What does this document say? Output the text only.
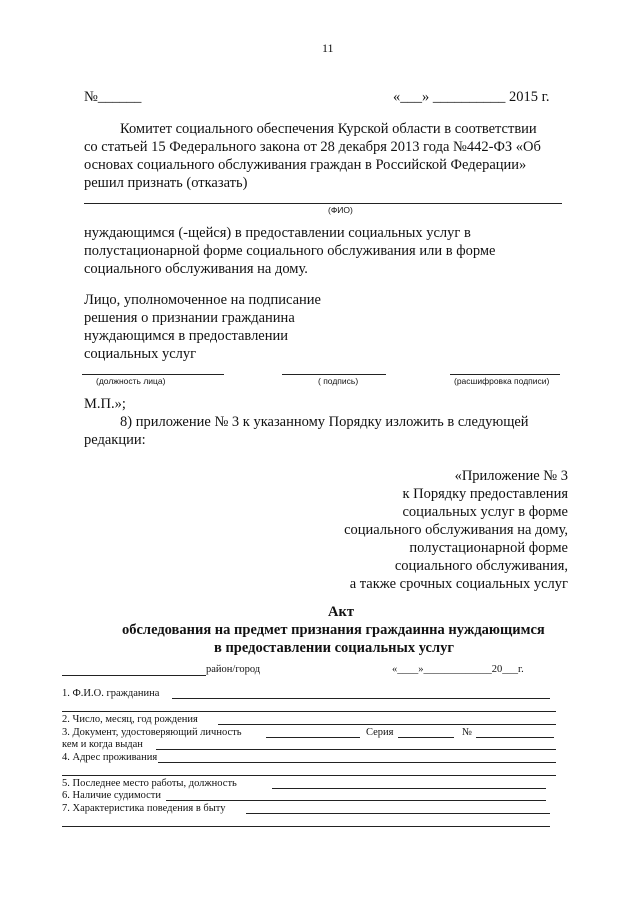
11
№______	«___» __________ 2015 г.
Комитет социального обеспечения Курской области в соответствии
со статьей 15 Федерального закона от 28 декабря 2013 года №442-ФЗ «Об
основах социального обслуживания граждан в Российской Федерации»
решил признать (отказать)
(ФИО)
нуждающимся (-щейся) в предоставлении социальных услуг в
полустационарной форме социального обслуживания или в форме
социального обслуживания на дому.
Лицо, уполномоченное на подписание
решения о признании гражданина
нуждающимся в предоставлении
социальных услуг
(должность лица)	( подпись)	(расшифровка подписи)
М.П.»;
8) приложение № 3 к указанному Порядку изложить в следующей
редакции:
«Приложение № 3
к Порядку предоставления
социальных услуг в форме
социального обслуживания на дому,
полустационарной форме
социального обслуживания,
а также срочных социальных услуг
Акт
обследования на предмет признания граждаинна нуждающимся
в предоставлении социальных услуг
район/город	«____»_____________20___г.
1. Ф.И.О. гражданина
2. Число, месяц, год рождения
3. Документ, удостоверяющий личность	Серия	№
кем и когда выдан
4. Адрес проживания
5. Последнее место работы, должность
6. Наличие судимости
7. Характеристика поведения в быту
